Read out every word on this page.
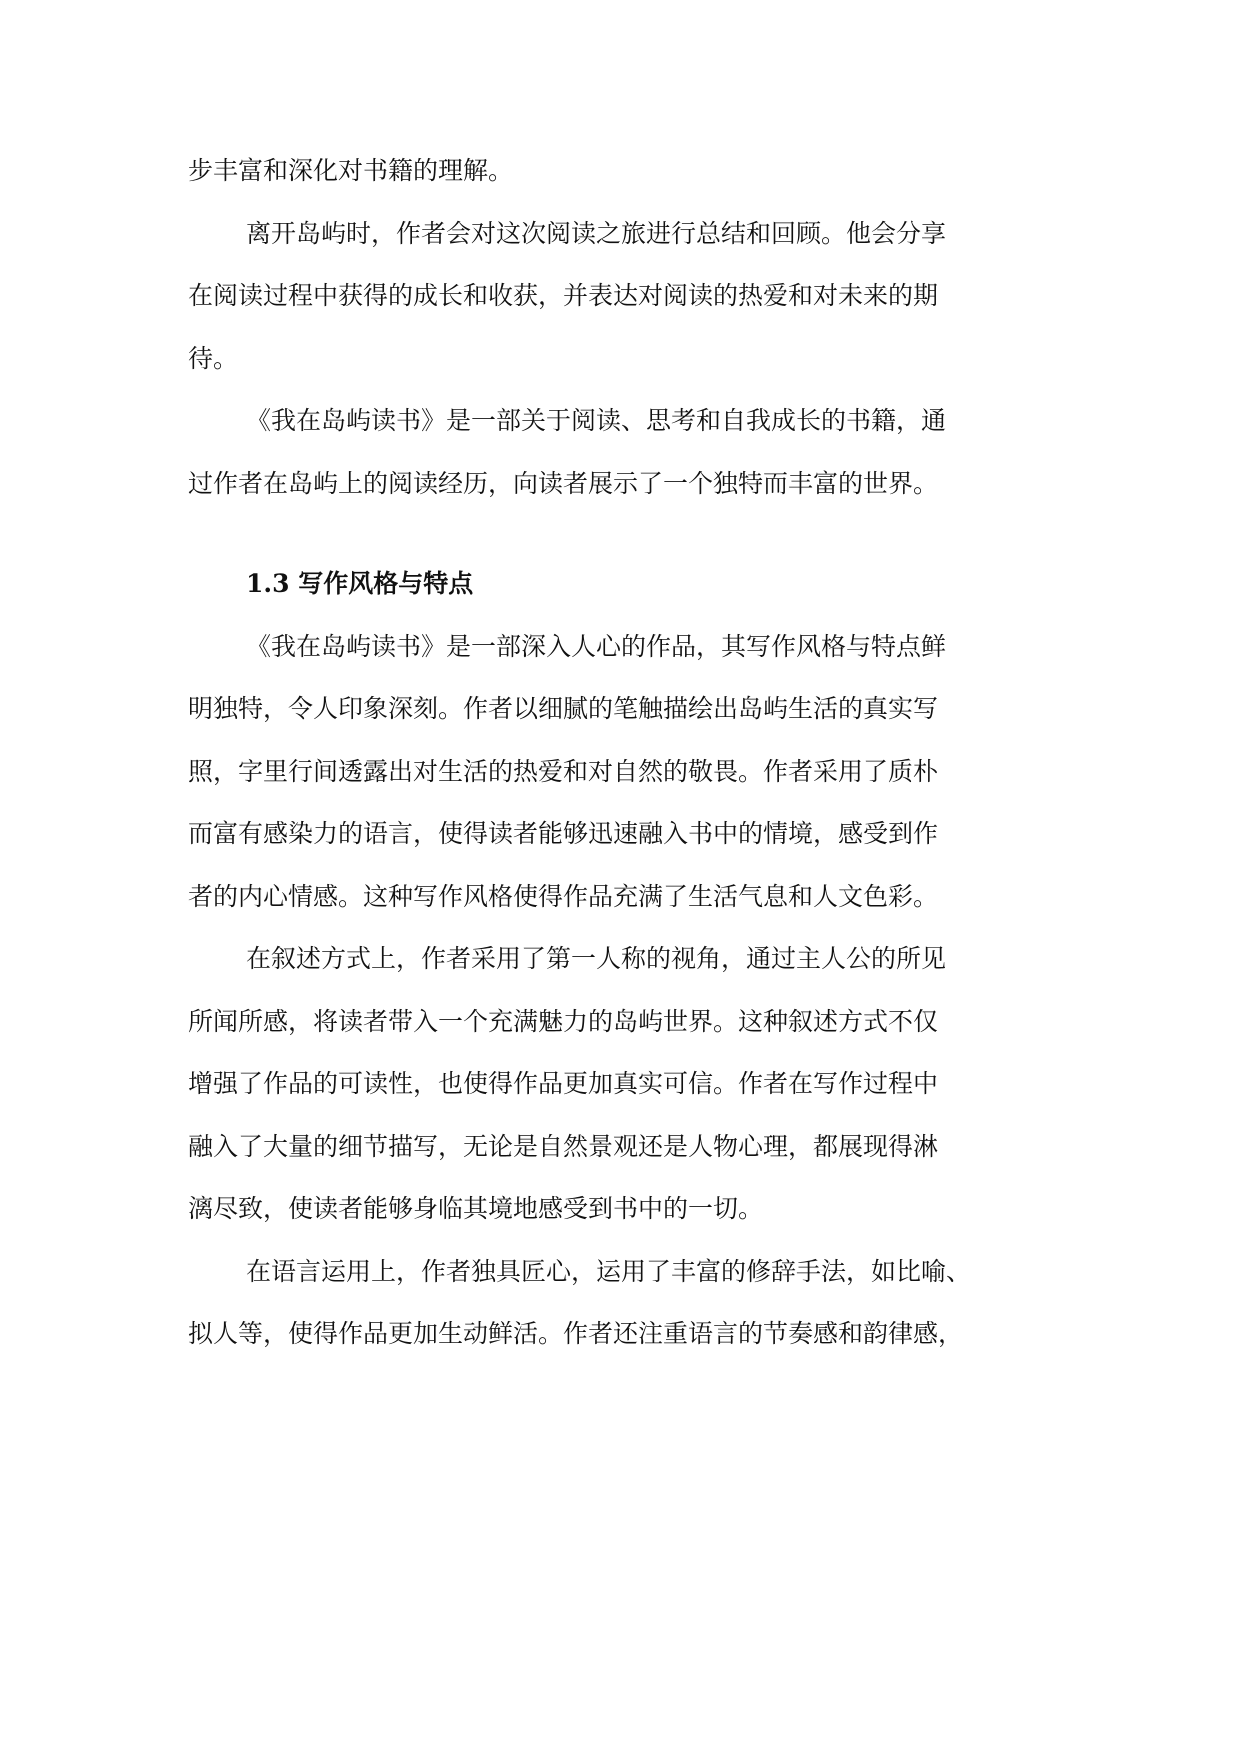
步丰富和深化对书籍的理解。

离开岛屿时，作者会对这次阅读之旅进行总结和回顾。他会分享

在阅读过程中获得的成长和收获，并表达对阅读的热爱和对未来的期

待。

《我在岛屿读书》是一部关于阅读、思考和自我成长的书籍，通

过作者在岛屿上的阅读经历，向读者展示了一个独特而丰富的世界。

1.3 写作风格与特点

《我在岛屿读书》是一部深入人心的作品，其写作风格与特点鲜

明独特，令人印象深刻。作者以细腻的笔触描绘出岛屿生活的真实写

照，字里行间透露出对生活的热爱和对自然的敬畏。作者采用了质朴

而富有感染力的语言，使得读者能够迅速融入书中的情境，感受到作

者的内心情感。这种写作风格使得作品充满了生活气息和人文色彩。

在叙述方式上，作者采用了第一人称的视角，通过主人公的所见

所闻所感，将读者带入一个充满魅力的岛屿世界。这种叙述方式不仅

增强了作品的可读性，也使得作品更加真实可信。作者在写作过程中

融入了大量的细节描写，无论是自然景观还是人物心理，都展现得淋

漓尽致，使读者能够身临其境地感受到书中的一切。

在语言运用上，作者独具匠心，运用了丰富的修辞手法，如比喻、

拟人等，使得作品更加生动鲜活。作者还注重语言的节奏感和韵律感，
